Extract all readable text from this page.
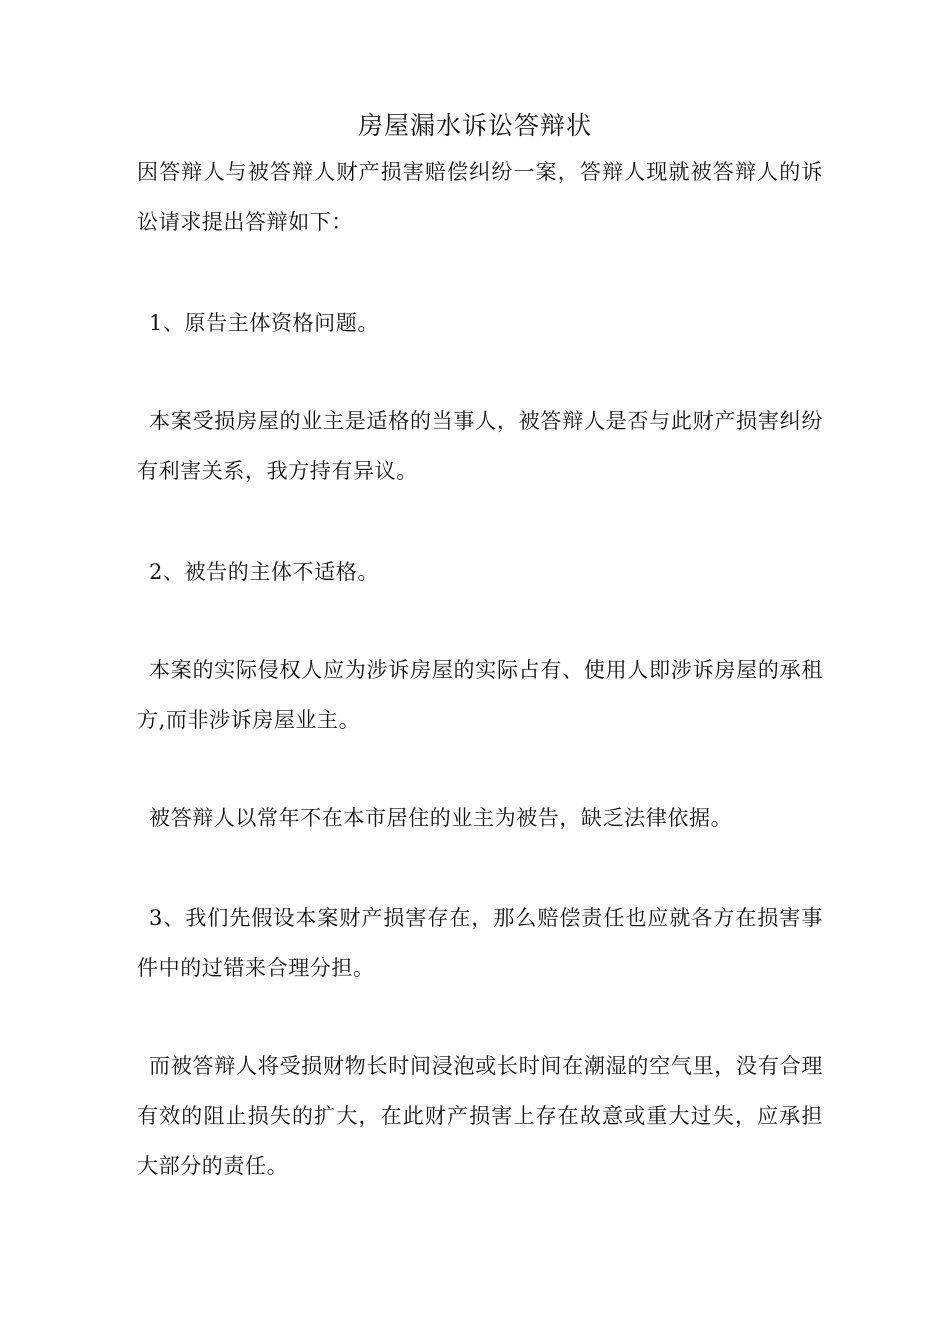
房屋漏水诉讼答辩状

因答辩人与被答辩人财产损害赔偿纠纷一案，答辩人现就被答辩人的诉讼请求提出答辩如下：

1、原告主体资格问题。

本案受损房屋的业主是适格的当事人，被答辩人是否与此财产损害纠纷有利害关系，我方持有异议。

2、被告的主体不适格。

本案的实际侵权人应为涉诉房屋的实际占有、使用人即涉诉房屋的承租方,而非涉诉房屋业主。

被答辩人以常年不在本市居住的业主为被告，缺乏法律依据。

3、我们先假设本案财产损害存在，那么赔偿责任也应就各方在损害事件中的过错来合理分担。

而被答辩人将受损财物长时间浸泡或长时间在潮湿的空气里，没有合理有效的阻止损失的扩大，在此财产损害上存在故意或重大过失，应承担大部分的责任。
